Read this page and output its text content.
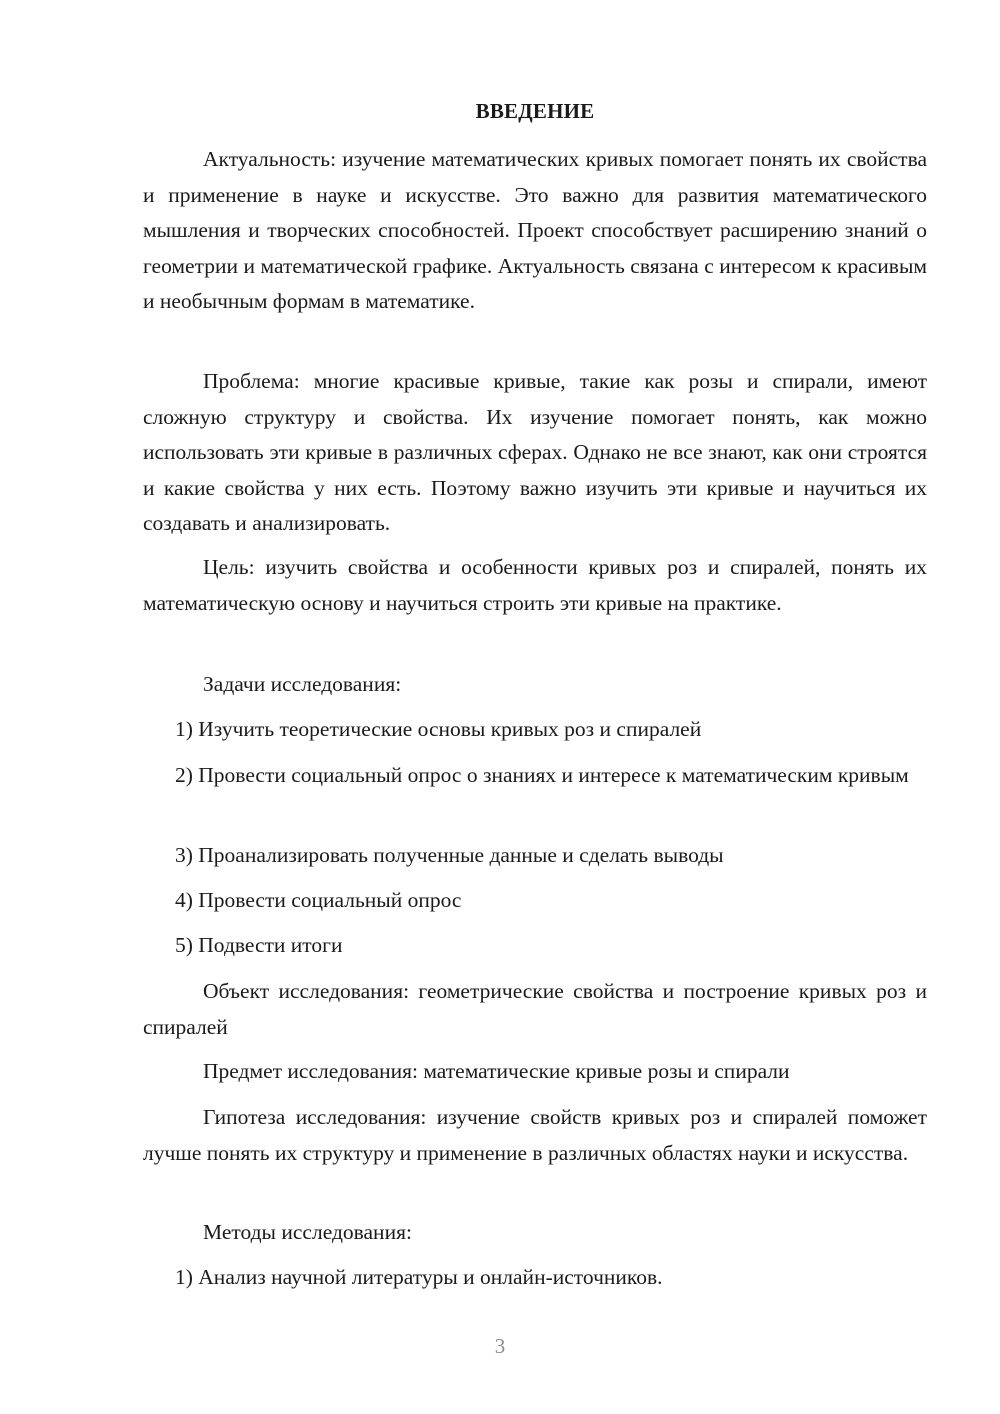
ВВЕДЕНИЕ

Актуальность: изучение математических кривых помогает понять их свойства и применение в науке и искусстве. Это важно для развития математического мышления и творческих способностей. Проект способствует расширению знаний о геометрии и математической графике. Актуальность связана с интересом к красивым и необычным формам в математике.

Проблема: многие красивые кривые, такие как розы и спирали, имеют сложную структуру и свойства. Их изучение помогает понять, как можно использовать эти кривые в различных сферах. Однако не все знают, как они строятся и какие свойства у них есть. Поэтому важно изучить эти кривые и научиться их создавать и анализировать.

Цель: изучить свойства и особенности кривых роз и спиралей, понять их математическую основу и научиться строить эти кривые на практике.

Задачи исследования:

1) Изучить теоретические основы кривых роз и спиралей

2) Провести социальный опрос о знаниях и интересе к математическим кривым

3) Проанализировать полученные данные и сделать выводы

4) Провести социальный опрос

5) Подвести итоги

Объект исследования: геометрические свойства и построение кривых роз и спиралей

Предмет исследования: математические кривые розы и спирали

Гипотеза исследования: изучение свойств кривых роз и спиралей поможет лучше понять их структуру и применение в различных областях науки и искусства.

Методы исследования:

1) Анализ научной литературы и онлайн-источников.

3
